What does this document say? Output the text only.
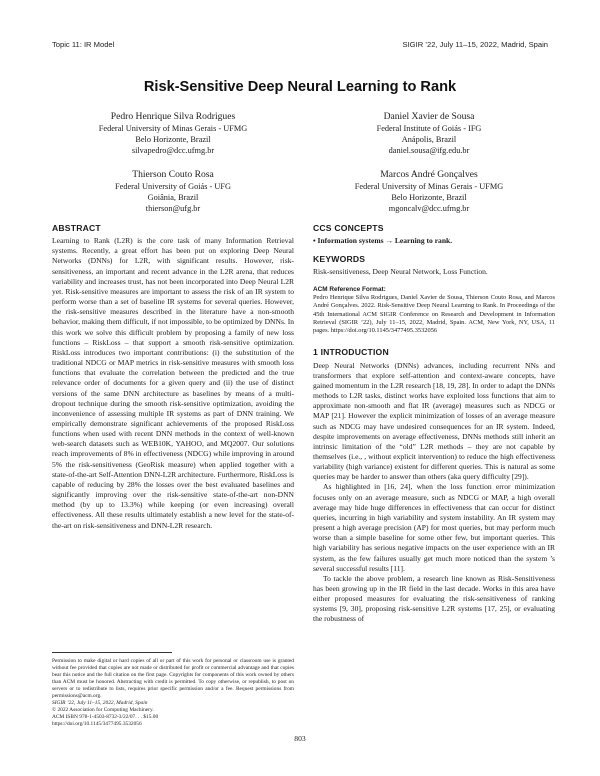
Topic 11: IR Model	SIGIR ’22, July 11–15, 2022, Madrid, Spain
Risk-Sensitive Deep Neural Learning to Rank
Pedro Henrique Silva Rodrigues
Federal University of Minas Gerais - UFMG
Belo Horizonte, Brazil
silvapedro@dcc.ufmg.br
Daniel Xavier de Sousa
Federal Institute of Goiás - IFG
Anápolis, Brazil
daniel.sousa@ifg.edu.br
Thierson Couto Rosa
Federal University of Goiás - UFG
Goiânia, Brazil
thierson@ufg.br
Marcos André Gonçalves
Federal University of Minas Gerais - UFMG
Belo Horizonte, Brazil
mgoncalv@dcc.ufmg.br
ABSTRACT

Learning to Rank (L2R) is the core task of many Information Retrieval systems. Recently, a great effort has been put on exploring Deep Neural Networks (DNNs) for L2R, with significant results. However, risk-sensitiveness, an important and recent advance in the L2R arena, that reduces variability and increases trust, has not been incorporated into Deep Neural L2R yet. Risk-sensitive measures are important to assess the risk of an IR system to perform worse than a set of baseline IR systems for several queries. However, the risk-sensitive measures described in the literature have a non-smooth behavior, making them difficult, if not impossible, to be optimized by DNNs. In this work we solve this difficult problem by proposing a family of new loss functions – RiskLoss – that support a smooth risk-sensitive optimization. RiskLoss introduces two important contributions: (i) the substitution of the traditional NDCG or MAP metrics in risk-sensitive measures with smooth loss functions that evaluate the correlation between the predicted and the true relevance order of documents for a given query and (ii) the use of distinct versions of the same DNN architecture as baselines by means of a multi-dropout technique during the smooth risk-sensitive optimization, avoiding the inconvenience of assessing multiple IR systems as part of DNN training. We empirically demonstrate significant achievements of the proposed RiskLoss functions when used with recent DNN methods in the context of well-known web-search datasets such as WEB10K, YAHOO, and MQ2007. Our solutions reach improvements of 8% in effectiveness (NDCG) while improving in around 5% the risk-sensitiveness (GeoRisk measure) when applied together with a state-of-the-art Self-Attention DNN-L2R architecture. Furthermore, RiskLoss is capable of reducing by 28% the losses over the best evaluated baselines and significantly improving over the risk-sensitive state-of-the-art non-DNN method (by up to 13.3%) while keeping (or even increasing) overall effectiveness. All these results ultimately establish a new level for the state-of-the-art on risk-sensitiveness and DNN-L2R research.

Permission to make digital or hard copies of all or part of this work for personal or classroom use is granted without fee provided that copies are not made or distributed for profit or commercial advantage and that copies bear this notice and the full citation on the first page. Copyrights for components of this work owned by others than ACM must be honored. Abstracting with credit is permitted. To copy otherwise, or republish, to post on servers or to redistribute to lists, requires prior specific permission and/or a fee. Request permissions from permissions@acm.org.

SIGIR ’22, July 11–15, 2022, Madrid, Spain
© 2022 Association for Computing Machinery.
ACM ISBN 978-1-4503-8732-3/22/07. . . $15.00
https://doi.org/10.1145/3477495.3532056
CCS CONCEPTS

• Information systems → Learning to rank.

KEYWORDS

Risk-sensitiveness, Deep Neural Network, Loss Function.

ACM Reference Format:

Pedro Henrique Silva Rodrigues, Daniel Xavier de Sousa, Thierson Couto Rosa, and Marcos André Gonçalves. 2022. Risk-Sensitive Deep Neural Learning to Rank. In Proceedings of the 45th International ACM SIGIR Conference on Research and Development in Information Retrieval (SIGIR ’22), July 11–15, 2022, Madrid, Spain. ACM, New York, NY, USA, 11 pages. https://doi.org/10.1145/3477495.3532056

1 INTRODUCTION

Deep Neural Networks (DNNs) advances, including recurrent NNs and transformers that explore self-attention and context-aware concepts, have gained momentum in the L2R research [18, 19, 28]. In order to adapt the DNNs methods to L2R tasks, distinct works have exploited loss functions that aim to approximate non-smooth and flat IR (average) measures such as NDCG or MAP [21]. However the explicit minimization of losses of an average measure such as NDCG may have undesired consequences for an IR system. Indeed, despite improvements on average effectiveness, DNNs methods still inherit an intrinsic limitation of the “old” L2R methods – they are not capable by themselves (i.e., , without explicit intervention) to reduce the high effectiveness variability (high variance) existent for different queries. This is natural as some queries may be harder to answer than others (aka query difficulty [29]).

As highlighted in [16, 24], when the loss function error minimization focuses only on an average measure, such as NDCG or MAP, a high overall average may hide huge differences in effectiveness that can occur for distinct queries, incurring in high variability and system instability. An IR system may present a high average precision (AP) for most queries, but may perform much worse than a simple baseline for some other few, but important queries. This high variability has serious negative impacts on the user experience with an IR system, as the few failures usually get much more noticed than the system ’s several successful results [11].

To tackle the above problem, a research line known as Risk-Sensitiveness has been growing up in the IR field in the last decade. Works in this area have either proposed measures for evaluating the risk-sensitiveness of ranking systems [9, 30], proposing risk-sensitive L2R systems [17, 25], or evaluating the robustness of

803
